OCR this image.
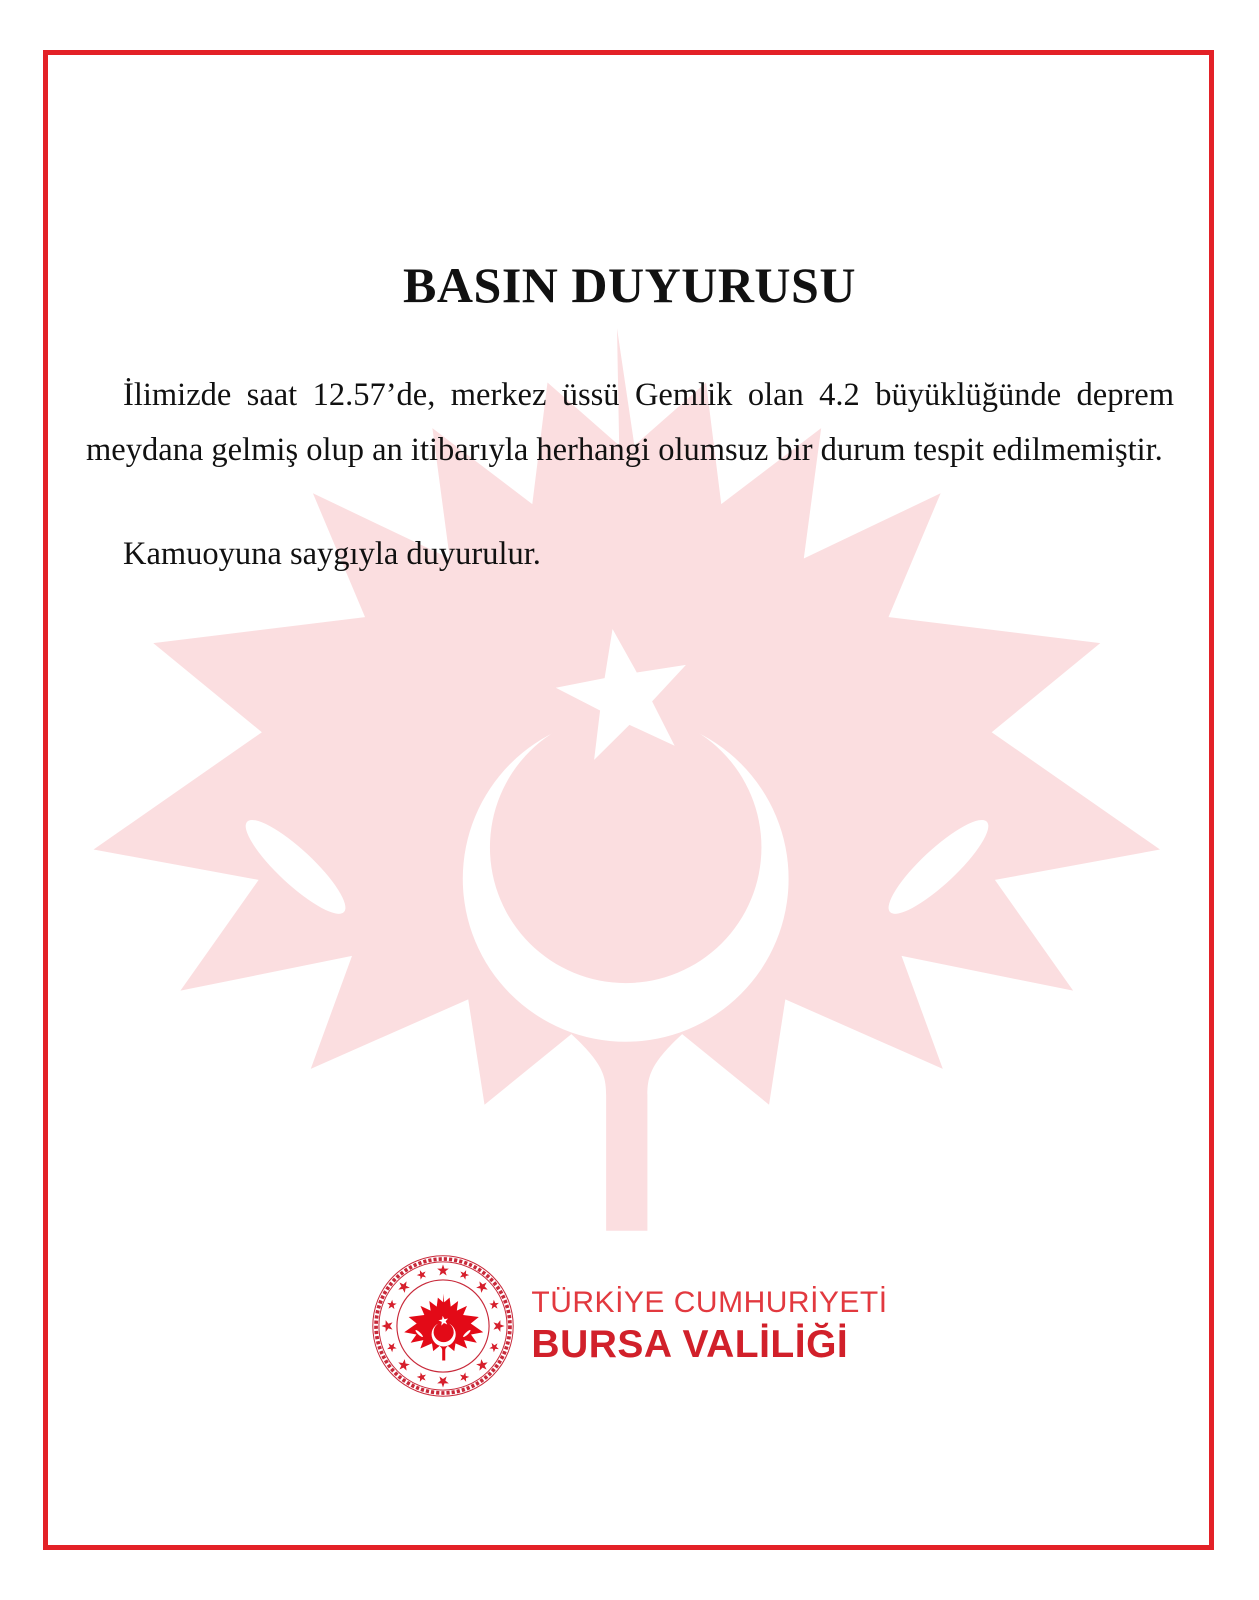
BASIN DUYURUSU

İlimizde saat 12.57’de, merkez üssü Gemlik olan 4.2 büyüklüğünde deprem meydana gelmiş olup an itibarıyla herhangi olumsuz bir durum tespit edilmemiştir.

Kamuoyuna saygıyla duyurulur.

TÜRKİYE CUMHURİYETİ
BURSA VALİLİĞİ
